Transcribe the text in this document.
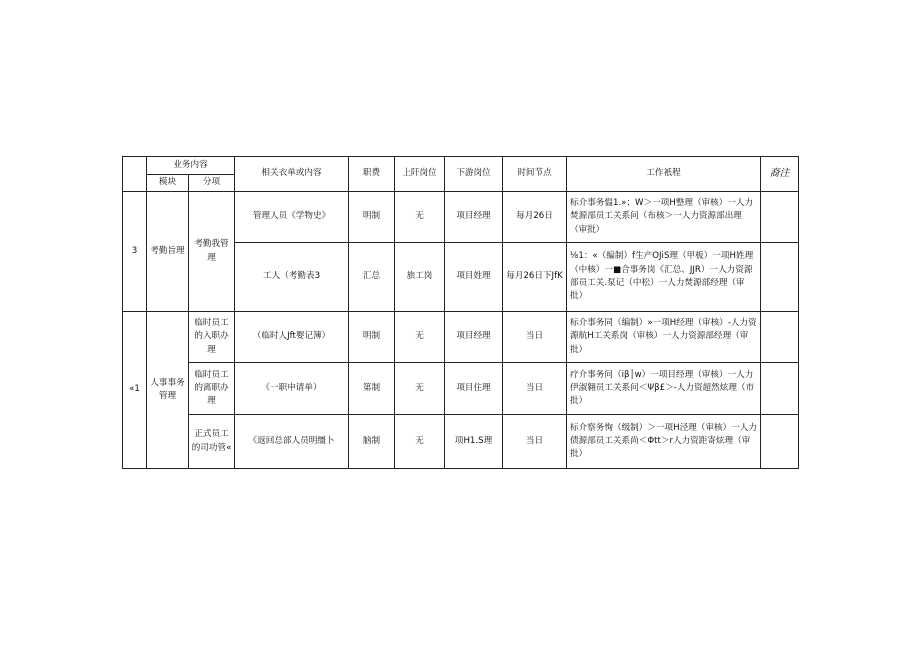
	业务内容		相关衣单或内容	职费	上阡岗位	下游岗位	时间节点	工作衹程	裔注
	模块	分项							
3	考勤旨理	考勤我管理	管理人员《学物史》	明制	无	项目经理	每月26日	标介事务愠1.»；W＞一项H整理（审核）一人力焚源部员工关系问（布核＞一人力资源部出理（审批）	
			工人（考勤表3	汇总	旅工岗	项目姓理	每月26日下JfK	⅛1：«（编制）f生产OJiS理（甲板）一项H姓理（中核）一■合事务岗《汇总、JJR）一人力资源部员工关.泵记（中松）一人力焚源部经理（审批）	
«1	人事事务管理	临时员工的入职办理	（临时人Jft婴记簿）	明制	无	项目经理	当日	标介事务同（编制）»一项H经理（审核）-人力资源航H工关系岗（审核）一人力资源部经理（审批）	
		临时员工的离职办理	《一职申请单）	第制	无	项目住理	当日	疗介事务问（iβ│w）一项目经理（审核）一人力伊淑翱员工关系问＜Ψβ£＞-人力资超然炫理（市批）	
		正式员工的司功管«	《返回总部人员明缰卜	脑制	无	项H1.S理	当日	标介察务恂（级制）＞一项H泾理（审核）一人力债源部员工关系尚＜Φtt＞r人力资距寄炫理（审批）	
